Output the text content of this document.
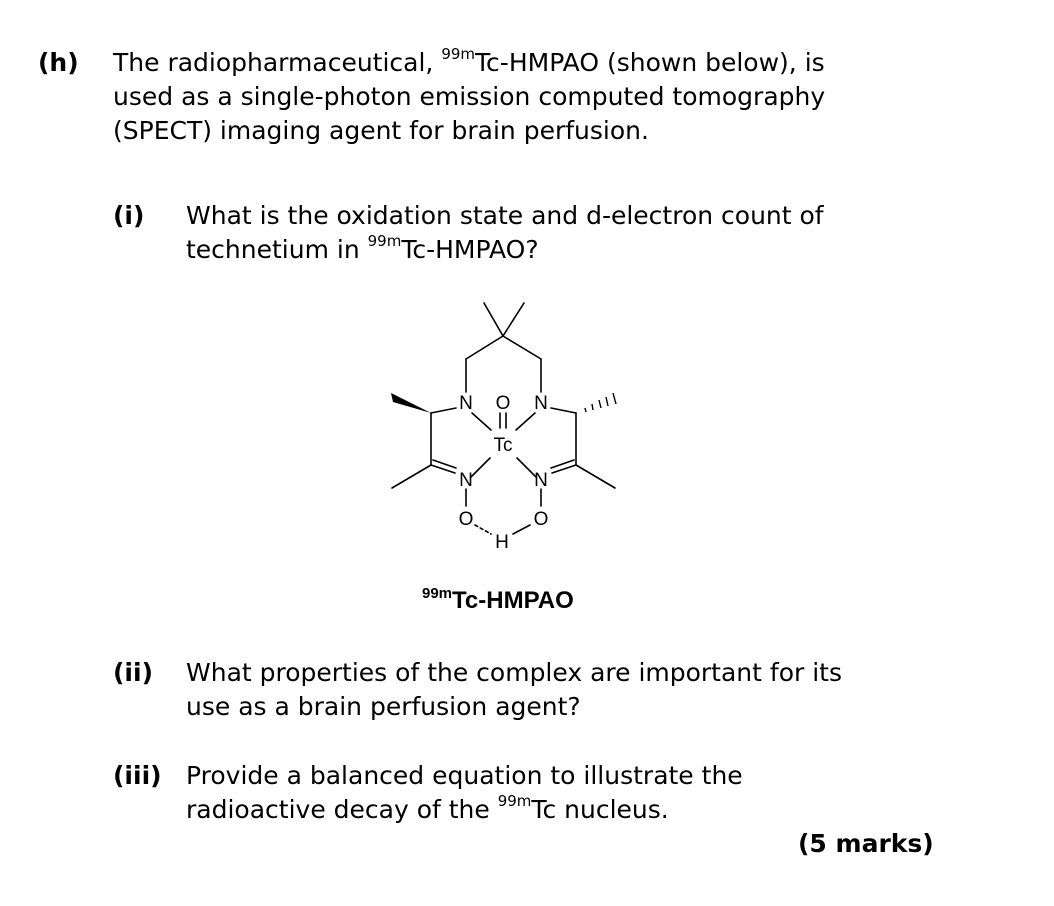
(h) The radiopharmaceutical, $^{99m}$Tc-HMPAO (shown below), is
used as a single-photon emission computed tomography
(SPECT) imaging agent for brain perfusion.
(i) What is the oxidation state and d-electron count of
technetium in $^{99m}$Tc-HMPAO?
N O N
Tc
N	N
O
H
O
$^{99m}$Tc-HMPAO
(ii) What properties of the complex are important for its
use as a brain perfusion agent?
(iii) Provide a balanced equation to illustrate the
radioactive decay of the $^{99m}$Tc nucleus.
(5 marks)
